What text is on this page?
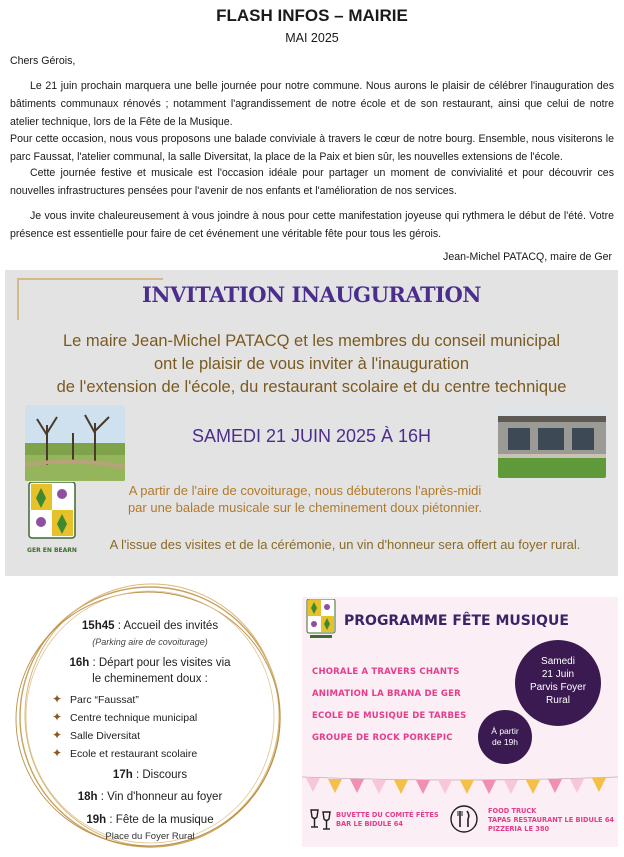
FLASH INFOS – MAIRIE
MAI 2025
Chers Gérois,
Le 21 juin prochain marquera une belle journée pour notre commune. Nous aurons le plaisir de célébrer l'inauguration des bâtiments communaux rénovés ; notamment l'agrandissement de notre école et de son restaurant, ainsi que celui de notre atelier technique, lors de la Fête de la Musique.
Pour cette occasion, nous vous proposons une balade conviviale à travers le cœur de notre bourg. Ensemble, nous visiterons le parc Faussat, l'atelier communal, la salle Diversitat, la place de la Paix et bien sûr, les nouvelles extensions de l'école.
Cette journée festive et musicale est l'occasion idéale pour partager un moment de convivialité et pour découvrir ces nouvelles infrastructures pensées pour l'avenir de nos enfants et l'amélioration de nos services.
Je vous invite chaleureusement à vous joindre à nous pour cette manifestation joyeuse qui rythmera le début de l'été. Votre présence est essentielle pour faire de cet événement une véritable fête pour tous les gérois.
Jean-Michel PATACQ, maire de Ger
INVITATION INAUGURATION
Le maire Jean-Michel PATACQ et les membres du conseil municipal
ont le plaisir de vous inviter à l'inauguration
de l'extension de l'école, du restaurant scolaire et du centre technique
SAMEDI 21 JUIN 2025 À 16H
A partir de l'aire de covoiturage, nous débuterons l'après-midi
par une balade musicale sur le cheminement doux piétonnier.
GER EN BEARN	A l'issue des visites et de la cérémonie, un vin d'honneur sera offert au foyer rural.
15h45 : Accueil des invités
(Parking aire de covoiturage)
16h : Départ pour les visites via
le cheminement doux :
✦ Parc “Faussat”
✦ Centre technique municipal
✦ Salle Diversitat
✦ Ecole et restaurant scolaire
17h : Discours
18h : Vin d'honneur au foyer
19h : Fête de la musique
Place du Foyer Rural
PROGRAMME FÊTE MUSIQUE
CHORALE A TRAVERS CHANTS
ANIMATION LA BRANA DE GER
ECOLE DE MUSIQUE DE TARBES
GROUPE DE ROCK PORKEPIC
Samedi
21 Juin
Parvis Foyer
Rural
À partir
de 19h
BUVETTE DU COMITÉ FÊTES
BAR LE BIDULE 64
FOOD TRUCK
TAPAS RESTAURANT LE BIDULE 64
PIZZERIA LE 380
